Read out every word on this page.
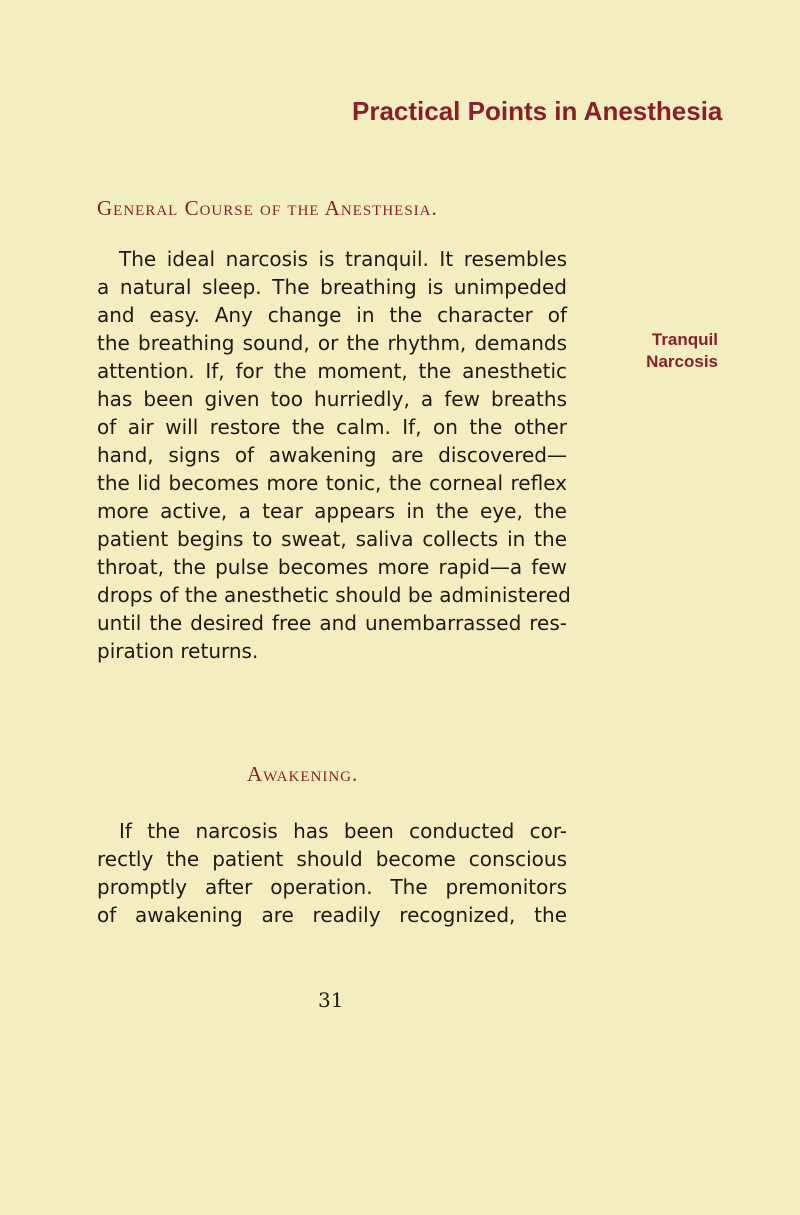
Practical Points in Anesthesia
General Course of the Anesthesia.
The ideal narcosis is tranquil. It resembles
a natural sleep. The breathing is unimpeded
and easy. Any change in the character of
the breathing sound, or the rhythm, demands
attention. If, for the moment, the anesthetic
has been given too hurriedly, a few breaths
of air will restore the calm. If, on the other
hand, signs of awakening are discovered—
the lid becomes more tonic, the corneal reflex
more active, a tear appears in the eye, the
patient begins to sweat, saliva collects in the
throat, the pulse becomes more rapid—a few
drops of the anesthetic should be administered
until the desired free and unembarrassed res-
piration returns.
Tranquil
Narcosis
Awakening.
If the narcosis has been conducted cor-
rectly the patient should become conscious
promptly after operation. The premonitors
of awakening are readily recognized, the
31
